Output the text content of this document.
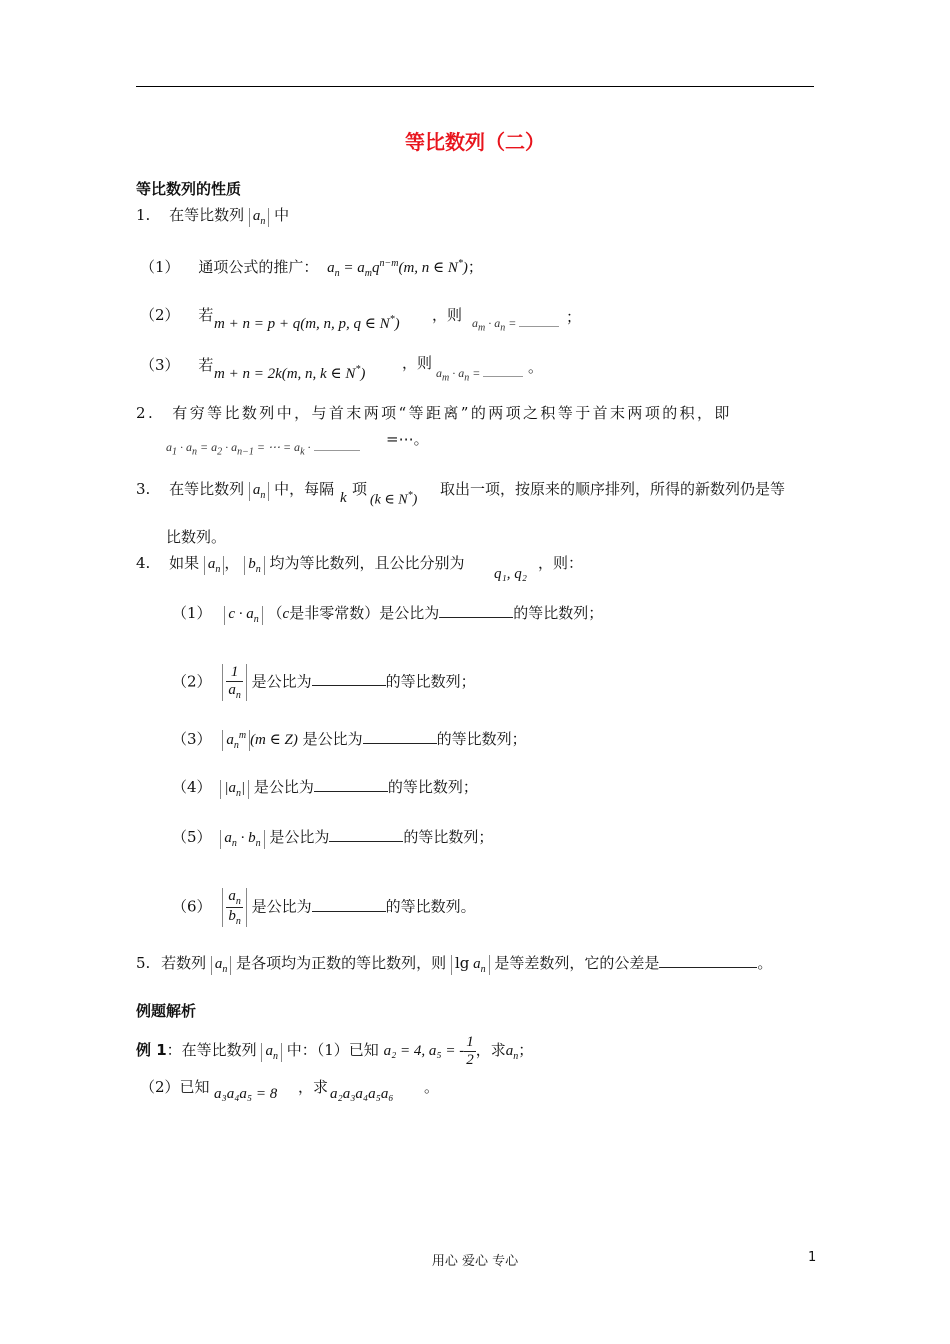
等比数列（二）
等比数列的性质
1. 在等比数列 $a_n$ 中
（1） 通项公式的推广： $a_n = a_mq^{n-m}(m$, n ∈ N*)；
（2） 若 m + n = p + q(m, n, p, q ∈ N*) ，则 $a_m \cdot a_n$ =	；
（3） 若 m + n = 2k(m, n, k ∈ N*)
，则
$a_m \cdot a_n$ =	。
2. 有穷等比数列中，与首末两项“等距离”的两项之积等于首末两项的积，即
$a_1 \cdot a_n = a_2 \cdot a_{n-1}$ = ⋯ = $a_k$ ·	=⋯。
3. 在等比数列 $a_n$ 中，每隔 k 项
(k ∈ N*)
取出一项，按原来的顺序排列，所得的新数列仍是等
比数列。
4. 如果 $a_n$ ， $b_n$ 均为等比数列，且公比分别为
q₁, q₂
，则：
（1） $c \cdot a_n$ （c是非零常数）是公比为	的等比数列；
$(2) \frac{1}{a_n}$ 是公比为	的等比数列；
（3） $a_n^m$ (m ∈ Z) 是公比为	的等比数列；
（4） $|a_n|$ 是公比为	的等比数列；
（5） $a_n \cdot b_n$ 是公比为	的等比数列；
$(6) \frac{a_n}{b_n}$ 是公比为	的等比数列。
5. 若数列 $a_n$ 是各项均为正数的等比数列，则 $\lg a_n$ 是等差数列，它的公差是	。
例题解析
例 1：在等比数列 $a_n$ 中：（1）已知 a₂ = 4, a₅ = - $\frac{1}{2}$ ，求$a_n$；
（2）已知 a₃a₄a₅ = 8 ，求 a₂a₃a₄a₅a₆ 。
用心 爱心 专心	1
